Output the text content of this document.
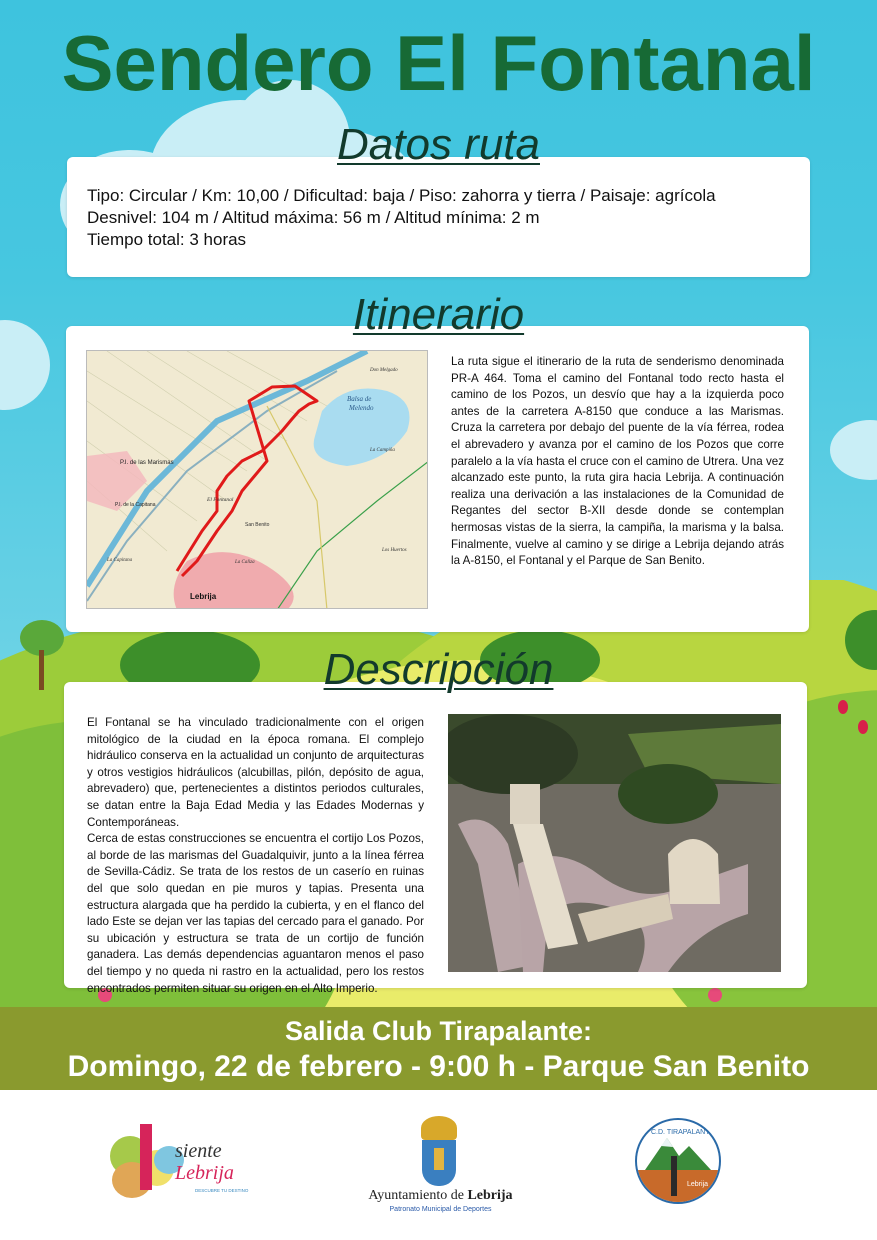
Sendero El Fontanal
Datos ruta
Tipo: Circular / Km: 10,00 / Dificultad: baja / Piso: zahorra y tierra / Paisaje: agrícola
Desnivel: 104 m / Altitud máxima: 56 m / Altitud mínima: 2 m
Tiempo total: 3 horas
Itinerario
Don Melgado
Balsa de
Melendo
P.I. de las Marismas
P.I. de la Capitana
El Fontanal
San Benito
La Campiña
Los Huertos
La Caliza
La Capitana
Lebrija
La ruta sigue el itinerario de la ruta de senderismo denominada PR-A 464. Toma el camino del Fontanal todo recto hasta el camino de los Pozos, un desvío que hay a la izquierda poco antes de la carretera A-8150 que conduce a las Marismas. Cruza la carretera por debajo del puente de la vía férrea, rodea el abrevadero y avanza por el camino de los Pozos que corre paralelo a la vía hasta el cruce con el camino de Utrera. Una vez alcanzado este punto, la ruta gira hacia Lebrija. A continuación realiza una derivación a las instalaciones de la Comunidad de Regantes del sector B-XII desde donde se contemplan hermosas vistas de la sierra, la campiña, la marisma y la balsa. Finalmente, vuelve al camino y se dirige a Lebrija dejando atrás la A-8150, el Fontanal y el Parque de San Benito.
Descripción
El Fontanal se ha vinculado tradicionalmente con el origen mitológico de la ciudad en la época romana. El complejo hidráulico conserva en la actualidad un conjunto de arquitecturas y otros vestigios hidráulicos (alcubillas, pilón, depósito de agua, abrevadero) que, pertenecientes a distintos periodos culturales, se datan entre la Baja Edad Media y las Edades Modernas y Contemporáneas.
Cerca de estas construcciones se encuentra el cortijo Los Pozos, al borde de las marismas del Guadalquivir, junto a la línea férrea de Sevilla-Cádiz. Se trata de los restos de un caserío en ruinas del que solo quedan en pie muros y tapias. Presenta una estructura alargada que ha perdido la cubierta, y en el flanco del lado Este se dejan ver las tapias del cercado para el ganado. Por su ubicación y estructura se trata de un cortijo de función ganadera. Las demás dependencias aguantaron menos el paso del tiempo y no queda ni rastro en la actualidad, pero los restos encontrados permiten situar su origen en el Alto Imperio.
Salida Club Tirapalante:
Domingo, 22 de febrero - 9:00 h - Parque San Benito
siente
Lebrija
DESCUBRE TU DESTINO	Ayuntamiento de Lebrija
Patronato Municipal de Deportes
Lebrija
C.D. TIRAPALANTE
